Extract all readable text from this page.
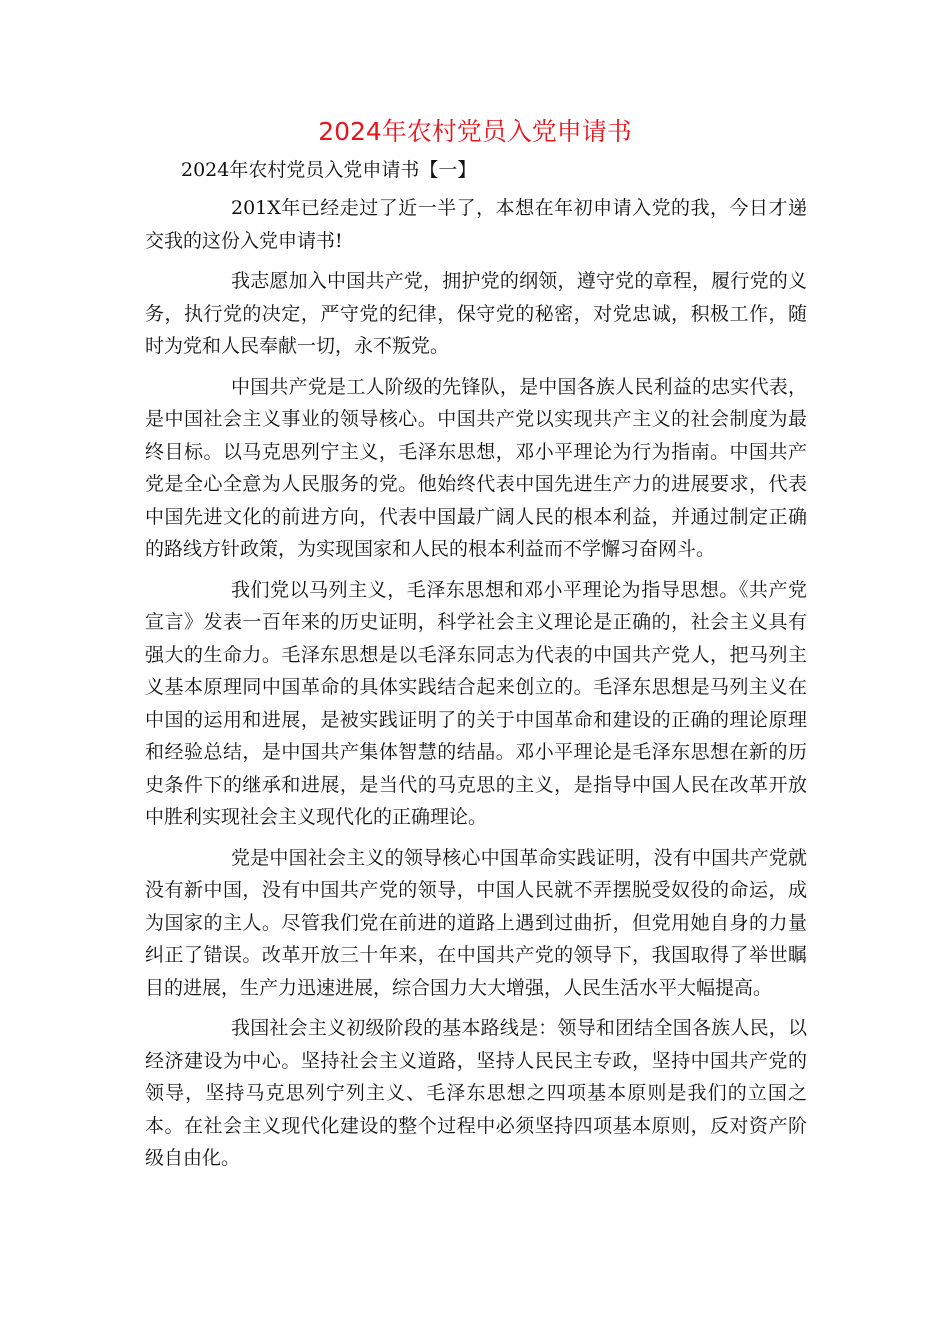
2024年农村党员入党申请书

2024年农村党员入党申请书【一】

201X年已经走过了近一半了，本想在年初申请入党的我，今日才递交我的这份入党申请书!

我志愿加入中国共产党，拥护党的纲领，遵守党的章程，履行党的义务，执行党的决定，严守党的纪律，保守党的秘密，对党忠诚，积极工作，随时为党和人民奉献一切，永不叛党。

中国共产党是工人阶级的先锋队，是中国各族人民利益的忠实代表，是中国社会主义事业的领导核心。中国共产党以实现共产主义的社会制度为最终目标。以马克思列宁主义，毛泽东思想，邓小平理论为行为指南。中国共产党是全心全意为人民服务的党。他始终代表中国先进生产力的进展要求，代表中国先进文化的前进方向，代表中国最广阔人民的根本利益，并通过制定正确的路线方针政策，为实现国家和人民的根本利益而不学懈习奋网斗。

我们党以马列主义，毛泽东思想和邓小平理论为指导思想。《共产党宣言》发表一百年来的历史证明，科学社会主义理论是正确的，社会主义具有强大的生命力。毛泽东思想是以毛泽东同志为代表的中国共产党人，把马列主义基本原理同中国革命的具体实践结合起来创立的。毛泽东思想是马列主义在中国的运用和进展，是被实践证明了的关于中国革命和建设的正确的理论原理和经验总结，是中国共产集体智慧的结晶。邓小平理论是毛泽东思想在新的历史条件下的继承和进展，是当代的马克思的主义，是指导中国人民在改革开放中胜利实现社会主义现代化的正确理论。

党是中国社会主义的领导核心中国革命实践证明，没有中国共产党就没有新中国，没有中国共产党的领导，中国人民就不弄摆脱受奴役的命运，成为国家的主人。尽管我们党在前进的道路上遇到过曲折，但党用她自身的力量纠正了错误。改革开放三十年来，在中国共产党的领导下，我国取得了举世瞩目的进展，生产力迅速进展，综合国力大大增强，人民生活水平大幅提高。

我国社会主义初级阶段的基本路线是：领导和团结全国各族人民，以经济建设为中心。坚持社会主义道路，坚持人民民主专政，坚持中国共产党的领导，坚持马克思列宁列主义、毛泽东思想之四项基本原则是我们的立国之本。在社会主义现代化建设的整个过程中必须坚持四项基本原则，反对资产阶级自由化。
